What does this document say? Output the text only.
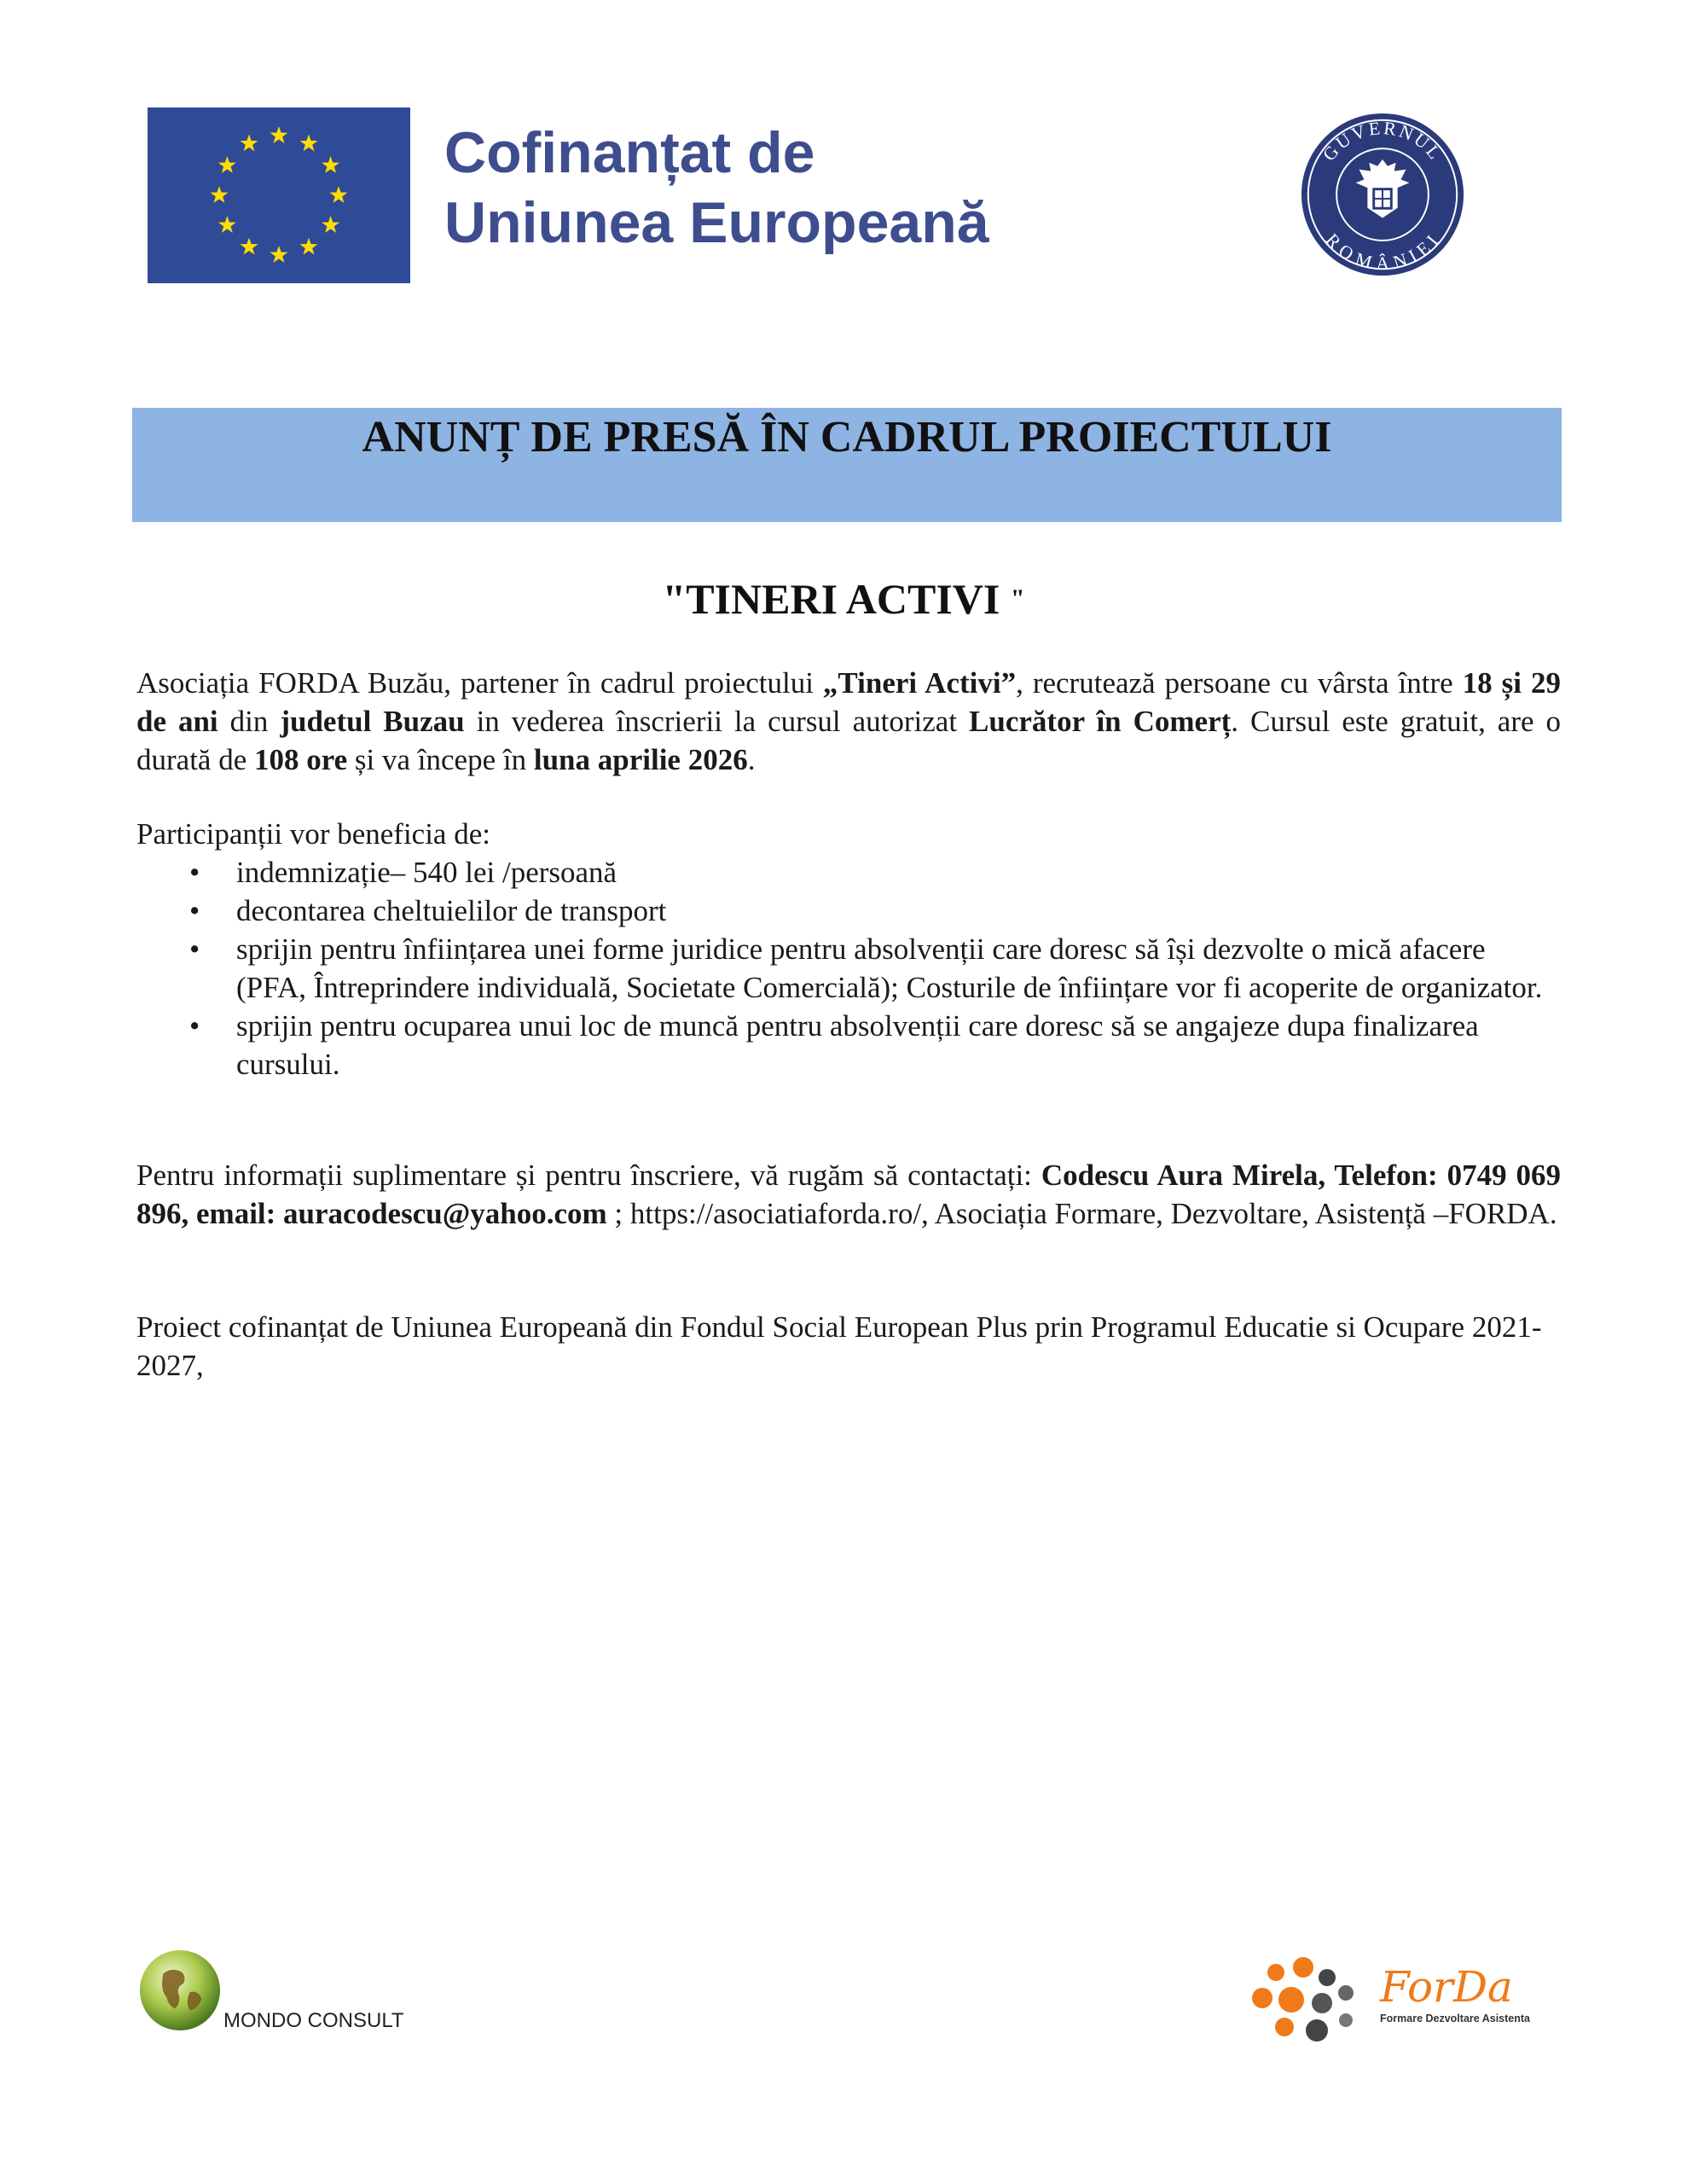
Cofinanțat de
Uniunea Europeană
GUVERNUL
ROMÂNIEI
ANUNȚ DE PRESĂ ÎN CADRUL PROIECTULUI
"TINERI ACTIVI "
Asociația FORDA Buzău, partener în cadrul proiectului „Tineri Activi”, recrutează persoane cu vârsta între 18 și 29 de ani din judetul Buzau in vederea înscrierii la cursul autorizat Lucrător în Comerț. Cursul este gratuit, are o durată de 108 ore și va începe în luna aprilie 2026.
Participanții vor beneficia de:
• indemnizație– 540 lei /persoană
• decontarea cheltuielilor de transport
• sprijin pentru înființarea unei forme juridice pentru absolvenții care doresc să își dezvolte o mică afacere (PFA, Întreprindere individuală, Societate Comercială); Costurile de înființare vor fi acoperite de organizator.
• sprijin pentru ocuparea unui loc de muncă pentru absolvenții care doresc să se angajeze dupa finalizarea cursului.
Pentru informații suplimentare și pentru înscriere, vă rugăm să contactați: Codescu Aura Mirela, Telefon: 0749 069 896, email: auracodescu@yahoo.com ; https://asociatiaforda.ro/, Asociația Formare, Dezvoltare, Asistență –FORDA.
Proiect cofinanțat de Uniunea Europeană din Fondul Social European Plus prin Programul Educatie si Ocupare 2021-2027,
MONDO CONSULT
ForDa
Formare Dezvoltare Asistenta
